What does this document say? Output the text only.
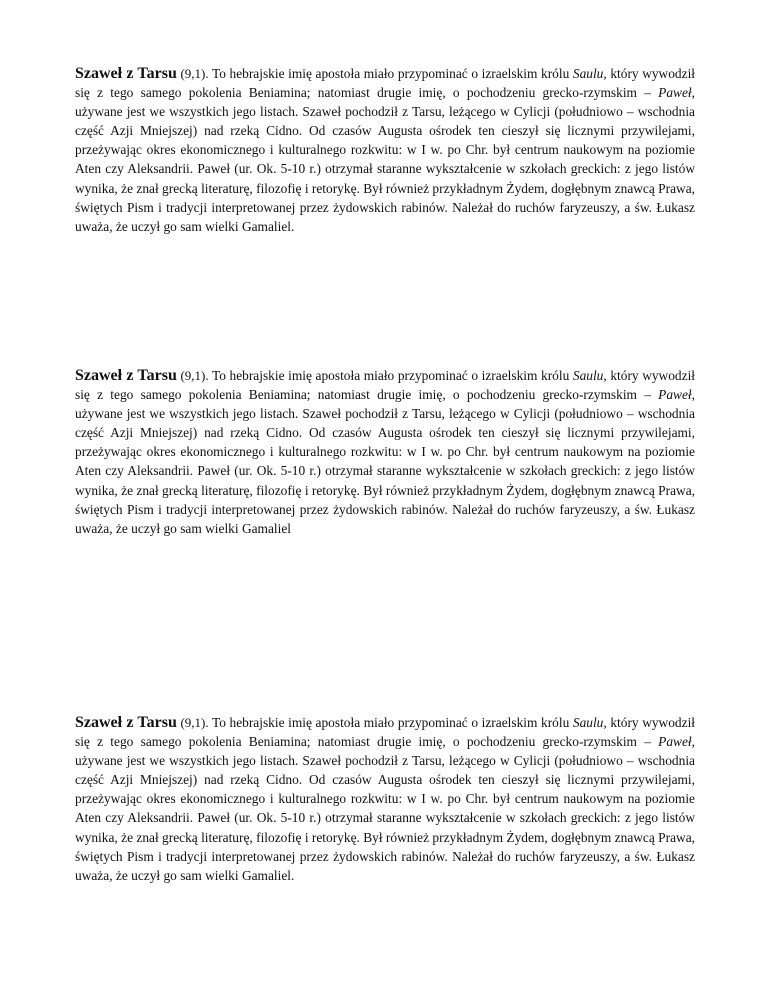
Szaweł z Tarsu (9,1). To hebrajskie imię apostoła miało przypominać o izraelskim królu Saulu, który wywodził się z tego samego pokolenia Beniamina; natomiast drugie imię, o pochodzeniu grecko-rzymskim – Paweł, używane jest we wszystkich jego listach. Szaweł pochodził z Tarsu, leżącego w Cylicji (południowo – wschodnia część Azji Mniejszej) nad rzeką Cidno. Od czasów Augusta ośrodek ten cieszył się licznymi przywilejami, przeżywając okres ekonomicznego i kulturalnego rozkwitu: w I w. po Chr. był centrum naukowym na poziomie Aten czy Aleksandrii. Paweł (ur. Ok. 5-10 r.) otrzymał staranne wykształcenie w szkołach greckich: z jego listów wynika, że znał grecką literaturę, filozofię i retorykę. Był również przykładnym Żydem, dogłębnym znawcą Prawa, świętych Pism i tradycji interpretowanej przez żydowskich rabinów. Należał do ruchów faryzeuszy, a św. Łukasz uważa, że uczył go sam wielki Gamaliel.

Szaweł z Tarsu (9,1). To hebrajskie imię apostoła miało przypominać o izraelskim królu Saulu, który wywodził się z tego samego pokolenia Beniamina; natomiast drugie imię, o pochodzeniu grecko-rzymskim – Paweł, używane jest we wszystkich jego listach. Szaweł pochodził z Tarsu, leżącego w Cylicji (południowo – wschodnia część Azji Mniejszej) nad rzeką Cidno. Od czasów Augusta ośrodek ten cieszył się licznymi przywilejami, przeżywając okres ekonomicznego i kulturalnego rozkwitu: w I w. po Chr. był centrum naukowym na poziomie Aten czy Aleksandrii. Paweł (ur. Ok. 5-10 r.) otrzymał staranne wykształcenie w szkołach greckich: z jego listów wynika, że znał grecką literaturę, filozofię i retorykę. Był również przykładnym Żydem, dogłębnym znawcą Prawa, świętych Pism i tradycji interpretowanej przez żydowskich rabinów. Należał do ruchów faryzeuszy, a św. Łukasz uważa, że uczył go sam wielki Gamaliel

Szaweł z Tarsu (9,1). To hebrajskie imię apostoła miało przypominać o izraelskim królu Saulu, który wywodził się z tego samego pokolenia Beniamina; natomiast drugie imię, o pochodzeniu grecko-rzymskim – Paweł, używane jest we wszystkich jego listach. Szaweł pochodził z Tarsu, leżącego w Cylicji (południowo – wschodnia część Azji Mniejszej) nad rzeką Cidno. Od czasów Augusta ośrodek ten cieszył się licznymi przywilejami, przeżywając okres ekonomicznego i kulturalnego rozkwitu: w I w. po Chr. był centrum naukowym na poziomie Aten czy Aleksandrii. Paweł (ur. Ok. 5-10 r.) otrzymał staranne wykształcenie w szkołach greckich: z jego listów wynika, że znał grecką literaturę, filozofię i retorykę. Był również przykładnym Żydem, dogłębnym znawcą Prawa, świętych Pism i tradycji interpretowanej przez żydowskich rabinów. Należał do ruchów faryzeuszy, a św. Łukasz uważa, że uczył go sam wielki Gamaliel.
